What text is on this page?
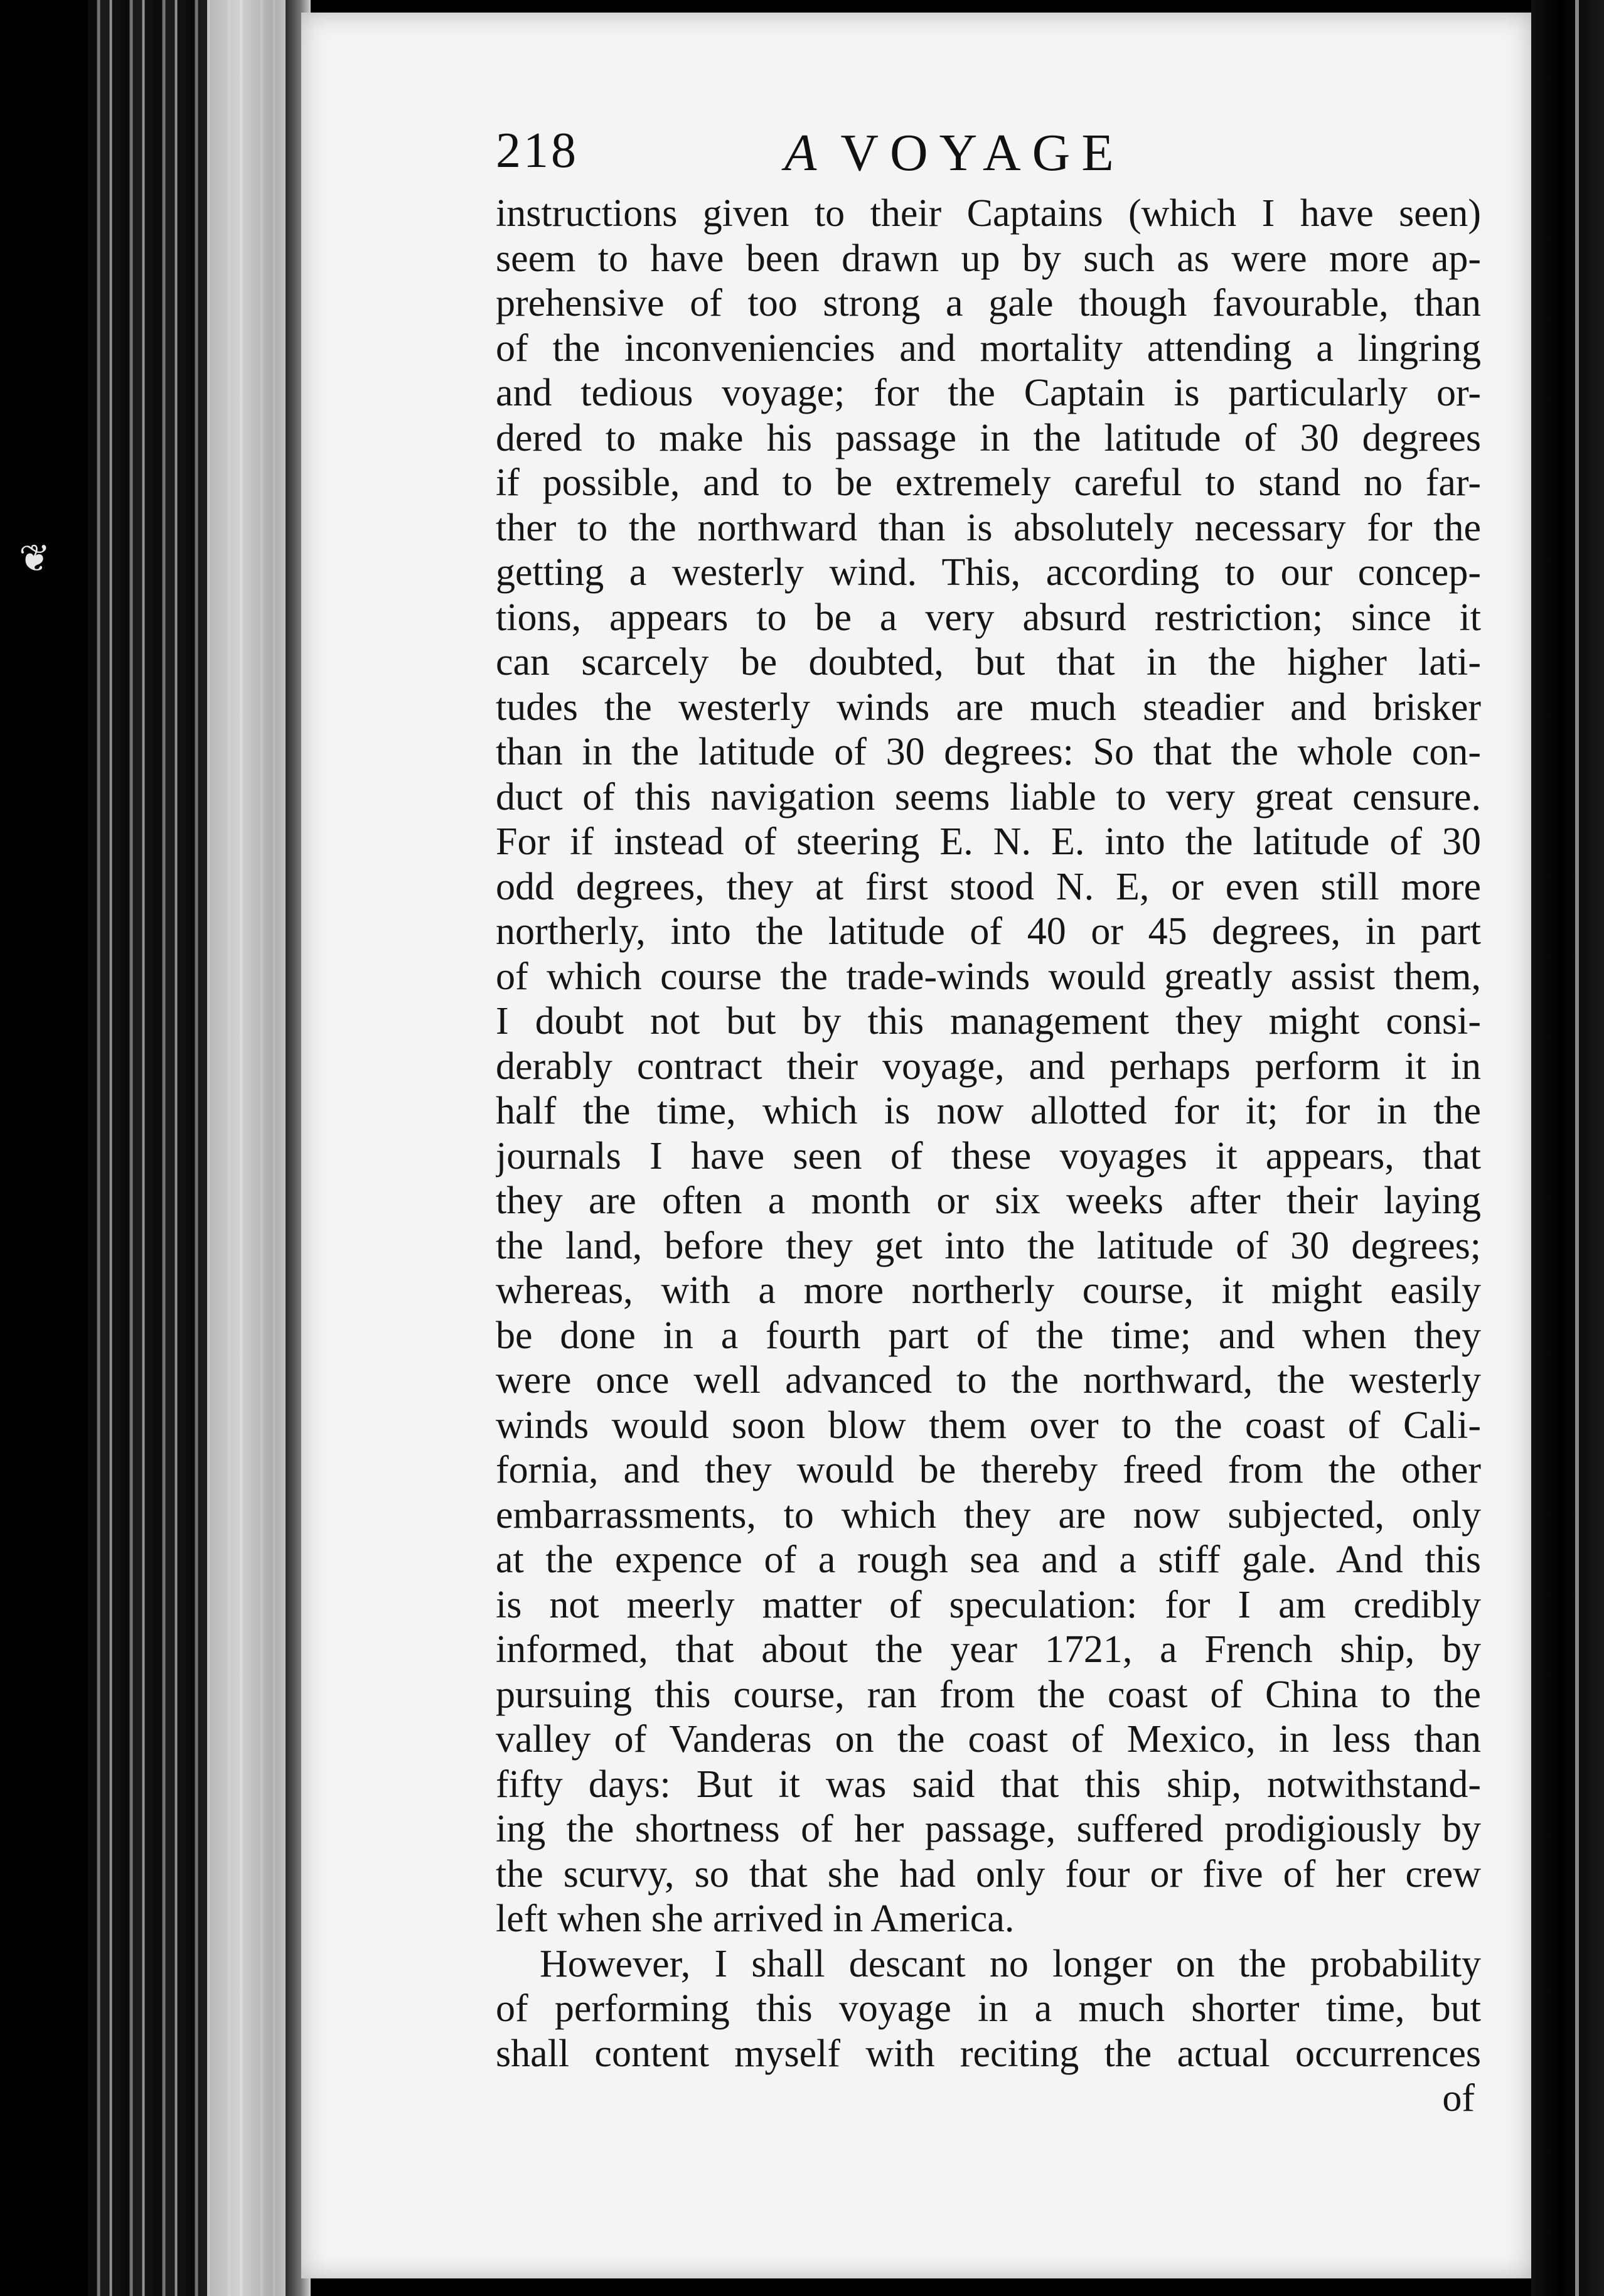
❦
218	A VOYAGE
instructions given to their Captains (which I have seen)
seem to have been drawn up by such as were more ap-
prehensive of too strong a gale though favourable, than
of the inconveniencies and mortality attending a lingring
and tedious voyage; for the Captain is particularly or-
dered to make his passage in the latitude of 30 degrees
if possible, and to be extremely careful to stand no far-
ther to the northward than is absolutely necessary for the
getting a westerly wind. This, according to our concep-
tions, appears to be a very absurd restriction; since it
can scarcely be doubted, but that in the higher lati-
tudes the westerly winds are much steadier and brisker
than in the latitude of 30 degrees: So that the whole con-
duct of this navigation seems liable to very great censure.
For if instead of steering E. N. E. into the latitude of 30
odd degrees, they at first stood N. E, or even still more
northerly, into the latitude of 40 or 45 degrees, in part
of which course the trade-winds would greatly assist them,
I doubt not but by this management they might consi-
derably contract their voyage, and perhaps perform it in
half the time, which is now allotted for it; for in the
journals I have seen of these voyages it appears, that
they are often a month or six weeks after their laying
the land, before they get into the latitude of 30 degrees;
whereas, with a more northerly course, it might easily
be done in a fourth part of the time; and when they
were once well advanced to the northward, the westerly
winds would soon blow them over to the coast of Cali-
fornia, and they would be thereby freed from the other
embarrassments, to which they are now subjected, only
at the expence of a rough sea and a stiff gale. And this
is not meerly matter of speculation: for I am credibly
informed, that about the year 1721, a French ship, by
pursuing this course, ran from the coast of China to the
valley of Vanderas on the coast of Mexico, in less than
fifty days: But it was said that this ship, notwithstand-
ing the shortness of her passage, suffered prodigiously by
the scurvy, so that she had only four or five of her crew
left when she arrived in America.
However, I shall descant no longer on the probability
of performing this voyage in a much shorter time, but
shall content myself with reciting the actual occurrences
of
